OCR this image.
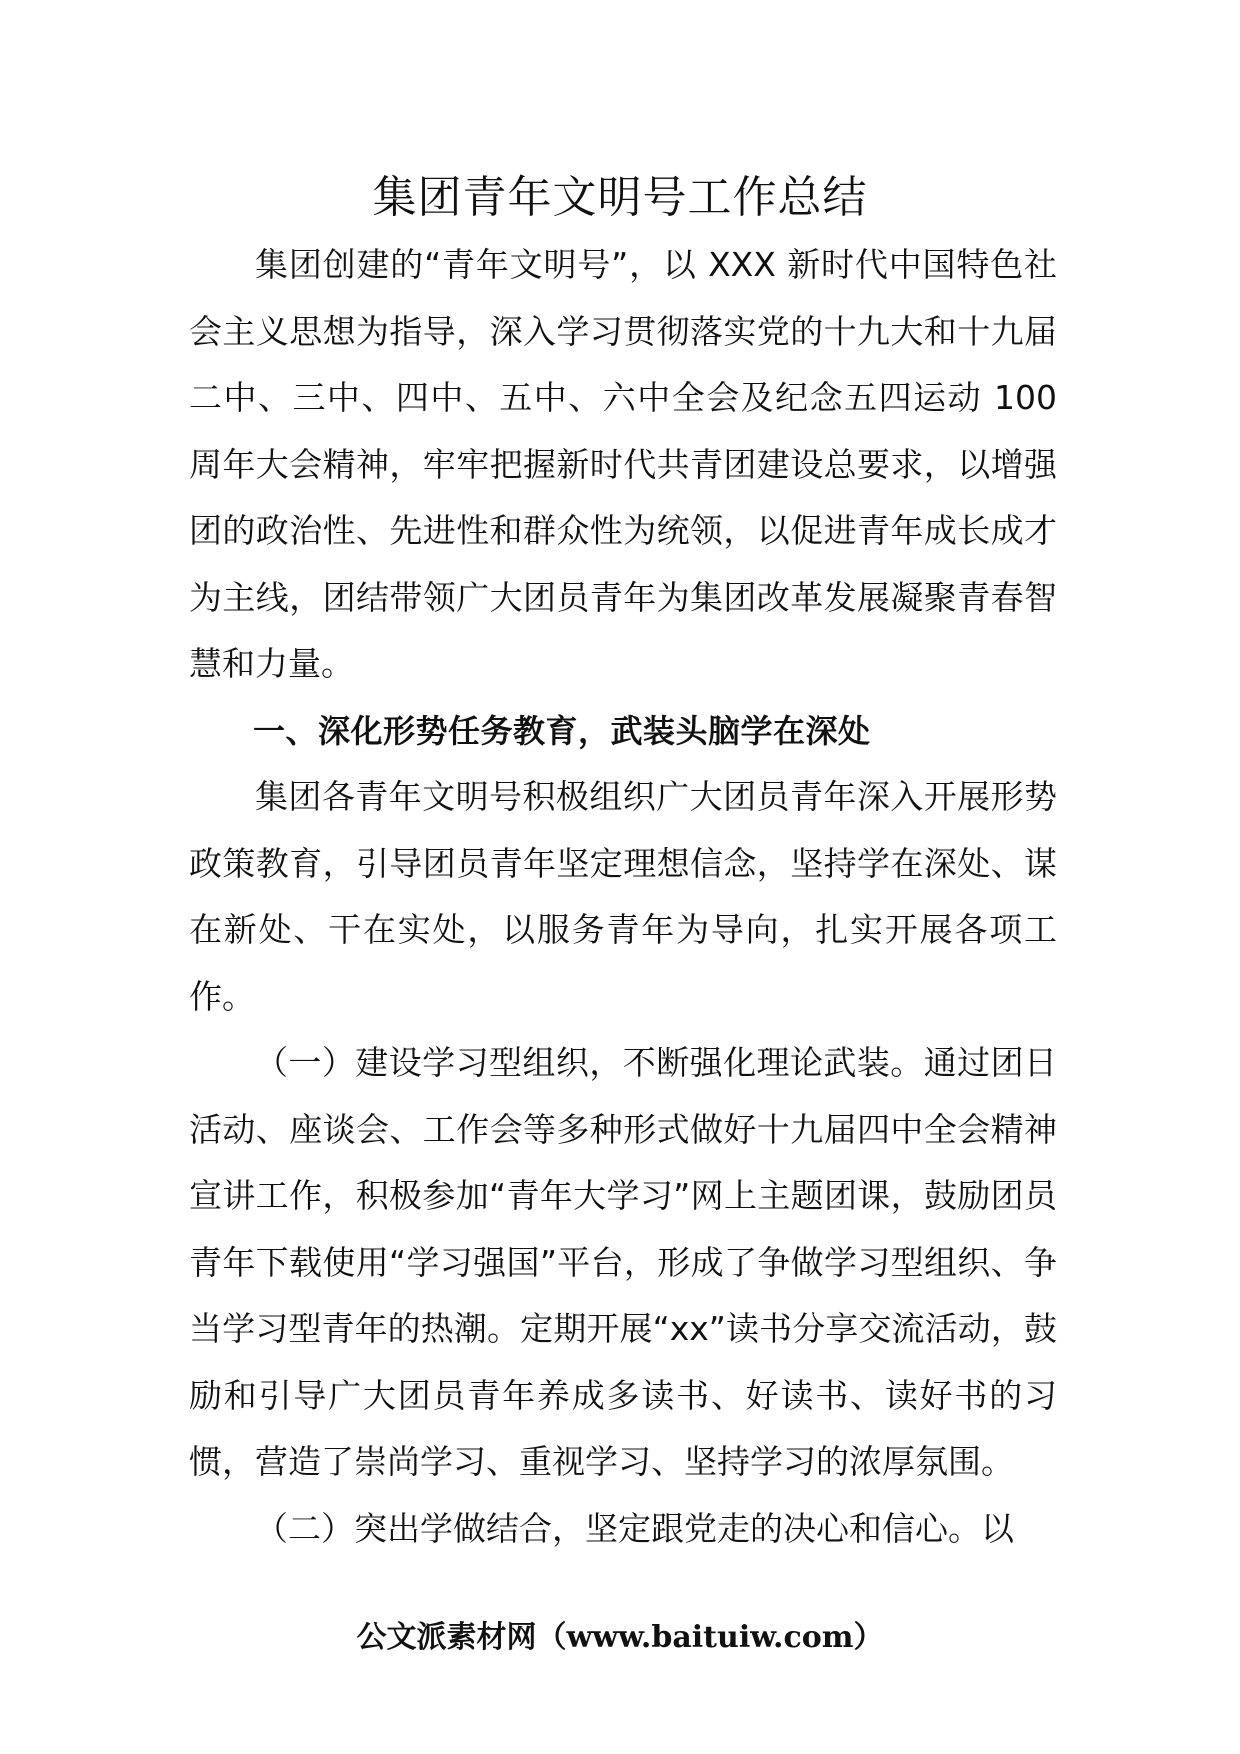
集团青年文明号工作总结

集团创建的“青年文明号”，以 XXX 新时代中国特色社会主义思想为指导，深入学习贯彻落实党的十九大和十九届二中、三中、四中、五中、六中全会及纪念五四运动 100 周年大会精神，牢牢把握新时代共青团建设总要求，以增强团的政治性、先进性和群众性为统领，以促进青年成长成才为主线，团结带领广大团员青年为集团改革发展凝聚青春智慧和力量。

一、深化形势任务教育，武装头脑学在深处

集团各青年文明号积极组织广大团员青年深入开展形势政策教育，引导团员青年坚定理想信念，坚持学在深处、谋在新处、干在实处，以服务青年为导向，扎实开展各项工作。

（一）建设学习型组织，不断强化理论武装。通过团日活动、座谈会、工作会等多种形式做好十九届四中全会精神宣讲工作，积极参加“青年大学习”网上主题团课，鼓励团员青年下载使用“学习强国”平台，形成了争做学习型组织、争当学习型青年的热潮。定期开展“xx”读书分享交流活动，鼓励和引导广大团员青年养成多读书、好读书、读好书的习惯，营造了崇尚学习、重视学习、坚持学习的浓厚氛围。

（二）突出学做结合，坚定跟党走的决心和信心。以

公文派素材网（www.baituiw.com）
